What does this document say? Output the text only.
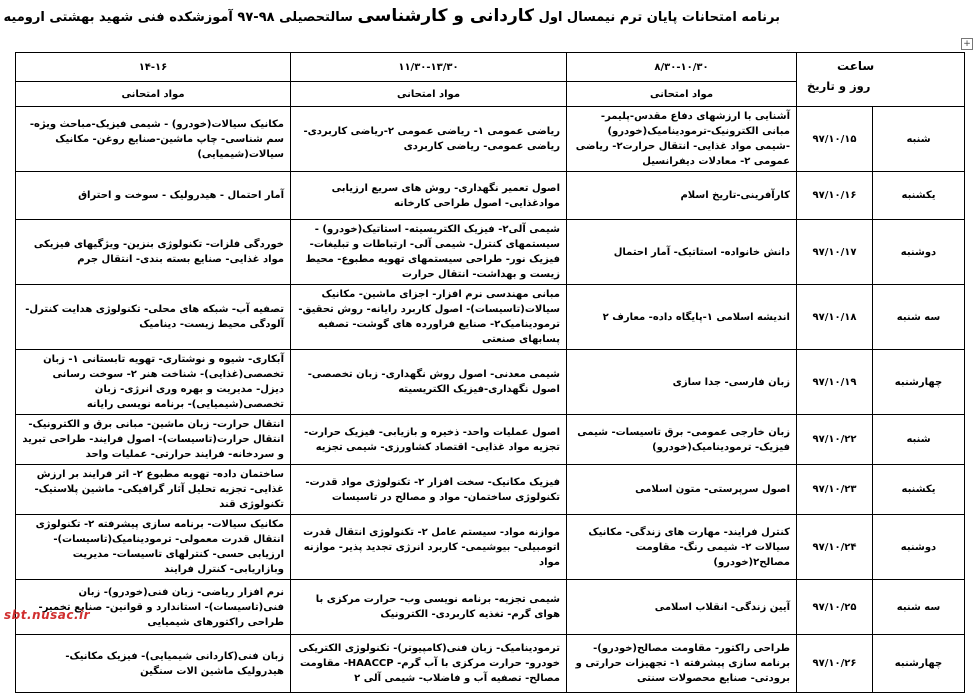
برنامه امتحانات پایان ترم نیمسال اول کاردانی و کارشناسی سالتحصیلی ۹۸-۹۷ آموزشکده فنی شهید بهشتی ارومیه
+
ساعت
روز و تاریخ		۸/۳۰-۱۰/۳۰	۱۱/۳۰-۱۳/۳۰	۱۴-۱۶
		مواد امتحانی	مواد امتحانی	مواد امتحانی
شنبه	۹۷/۱۰/۱۵	آشنایی با ارزشهای دفاع مقدس-پلیمر- مبانی الکترونیک-ترمودینامیک(خودرو) -شیمی مواد غذایی- انتقال حرارت۲- ریاضی عمومی ۲- معادلات دیفرانسیل	ریاضی عمومی ۱- ریاضی عمومی ۲-ریاضی کاربردی- ریاضی عمومی- ریاضی کاربردی	مکانیک سیالات(خودرو) - شیمی فیزیک-مباحث ویژه- سم شناسی- چاپ ماشین-صنایع روغن- مکانیک سیالات(شیمیایی)
یکشنبه	۹۷/۱۰/۱۶	کارآفرینی-تاریخ اسلام	اصول تعمیر نگهداری- روش های سریع ارزیابی موادغذایی- اصول طراحی کارخانه	آمار احتمال - هیدرولیک - سوخت و احتراق
دوشنبه	۹۷/۱۰/۱۷	دانش خانواده- استاتیک- آمار احتمال	شیمی آلی۲- فیزیک الکتریسیته- استاتیک(خودرو) - سیستمهای کنترل- شیمی آلی- ارتباطات و تبلیغات-فیزیک نور- طراحی سیستمهای تهویه مطبوع- محیط زیست و بهداشت- انتقال حرارت	خوردگی فلزات- تکنولوژی بنزین- ویژگیهای فیزیکی مواد غذایی- صنایع بسته بندی- انتقال جرم
سه شنبه	۹۷/۱۰/۱۸	اندیشه اسلامی ۱-پایگاه داده- معارف ۲	مبانی مهندسی نرم افزار- اجزای ماشین- مکانیک سیالات(تاسیسات)- اصول کاربرد رایانه- روش تحقیق- ترمودینامیک۲- صنایع فراورده های گوشت- تصفیه پسابهای صنعتی	تصفیه آب- شبکه های محلی- تکنولوژی هدایت کنترل- آلودگی محیط زیست- دینامیک
چهارشنبه	۹۷/۱۰/۱۹	زبان فارسی- جدا سازی	شیمی معدنی- اصول روش نگهداری- زبان تخصصی- اصول نگهداری-فیزیک الکتریسیته	آبکاری- شیوه و نوشتاری- تهویه تابستانی ۱- زبان تخصصی(غذایی)- شناخت هنر ۲- سوخت رسانی دیزل- مدیریت و بهره وری انرژی- زبان تخصصی(شیمیایی)- برنامه نویسی رایانه
شنبه	۹۷/۱۰/۲۲	زبان خارجی عمومی- برق تاسیسات- شیمی فیزیک- ترمودینامیک(خودرو)	اصول عملیات واحد- ذخیره و بازیابی- فیزیک حرارت- تجزیه مواد غذایی- اقتصاد کشاورزی- شیمی تجزیه	انتقال حرارت- زبان ماشین- مبانی برق و الکترونیک- انتقال حرارت(تاسیسات)- اصول فرایند- طراحی تبرید و سردخانه- فرایند حرارتی- عملیات واحد
یکشنبه	۹۷/۱۰/۲۳	اصول سرپرستی- متون اسلامی	فیزیک مکانیک- سخت افزار ۲- تکنولوژی مواد قدرت- تکنولوژی ساختمان- مواد و مصالح در تاسیسات	ساختمان داده- تهویه مطبوع ۲- اثر فرایند بر ارزش غذایی- تجزیه تحلیل آثار گرافیکی- ماشین پلاستیک- تکنولوژی قند
دوشنبه	۹۷/۱۰/۲۴	کنترل فرایند- مهارت های زندگی- مکانیک سیالات ۲- شیمی رنگ- مقاومت مصالح۲(خودرو)	موازنه مواد- سیستم عامل ۲- تکنولوژی انتقال قدرت اتومبیلی- بیوشیمی- کاربرد انرژی تجدید پذیر- موازنه مواد	مکانیک سیالات- برنامه سازی پیشرفته ۲- تکنولوژی انتقال قدرت معمولی- ترمودینامیک(تاسیسات)- ارزیابی حسی- کنترلهای تاسیسات- مدیریت وبازاریابی- کنترل فرایند
سه شنبه	۹۷/۱۰/۲۵	آیین زندگی- انقلاب اسلامی	شیمی تجزیه- برنامه نویسی وب- حرارت مرکزی با هوای گرم- تغذیه کاربردی- الکترونیک	نرم افزار ریاضی- زبان فنی(خودرو)- زبان فنی(تاسیسات)- استاندارد و قوانین- صنایع تخمیر- طراحی راکتورهای شیمیایی
چهارشنبه	۹۷/۱۰/۲۶	طراحی راکتور- مقاومت مصالح(خودرو)- برنامه سازی پیشرفته ۱- تجهیزات حرارتی و برودتی- صنایع محصولات سنتی	ترمودینامیک- زبان فنی(کامپیوتر)- تکنولوژی الکتریکی خودرو- حرارت مرکزی با آب گرم- HAACCP- مقاومت مصالح- تصفیه آب و فاضلاب- شیمی آلی ۲	زبان فنی(کاردانی شیمیایی)- فیزیک مکانیک- هیدرولیک ماشین الات سنگین
sbt.nusac.ir
